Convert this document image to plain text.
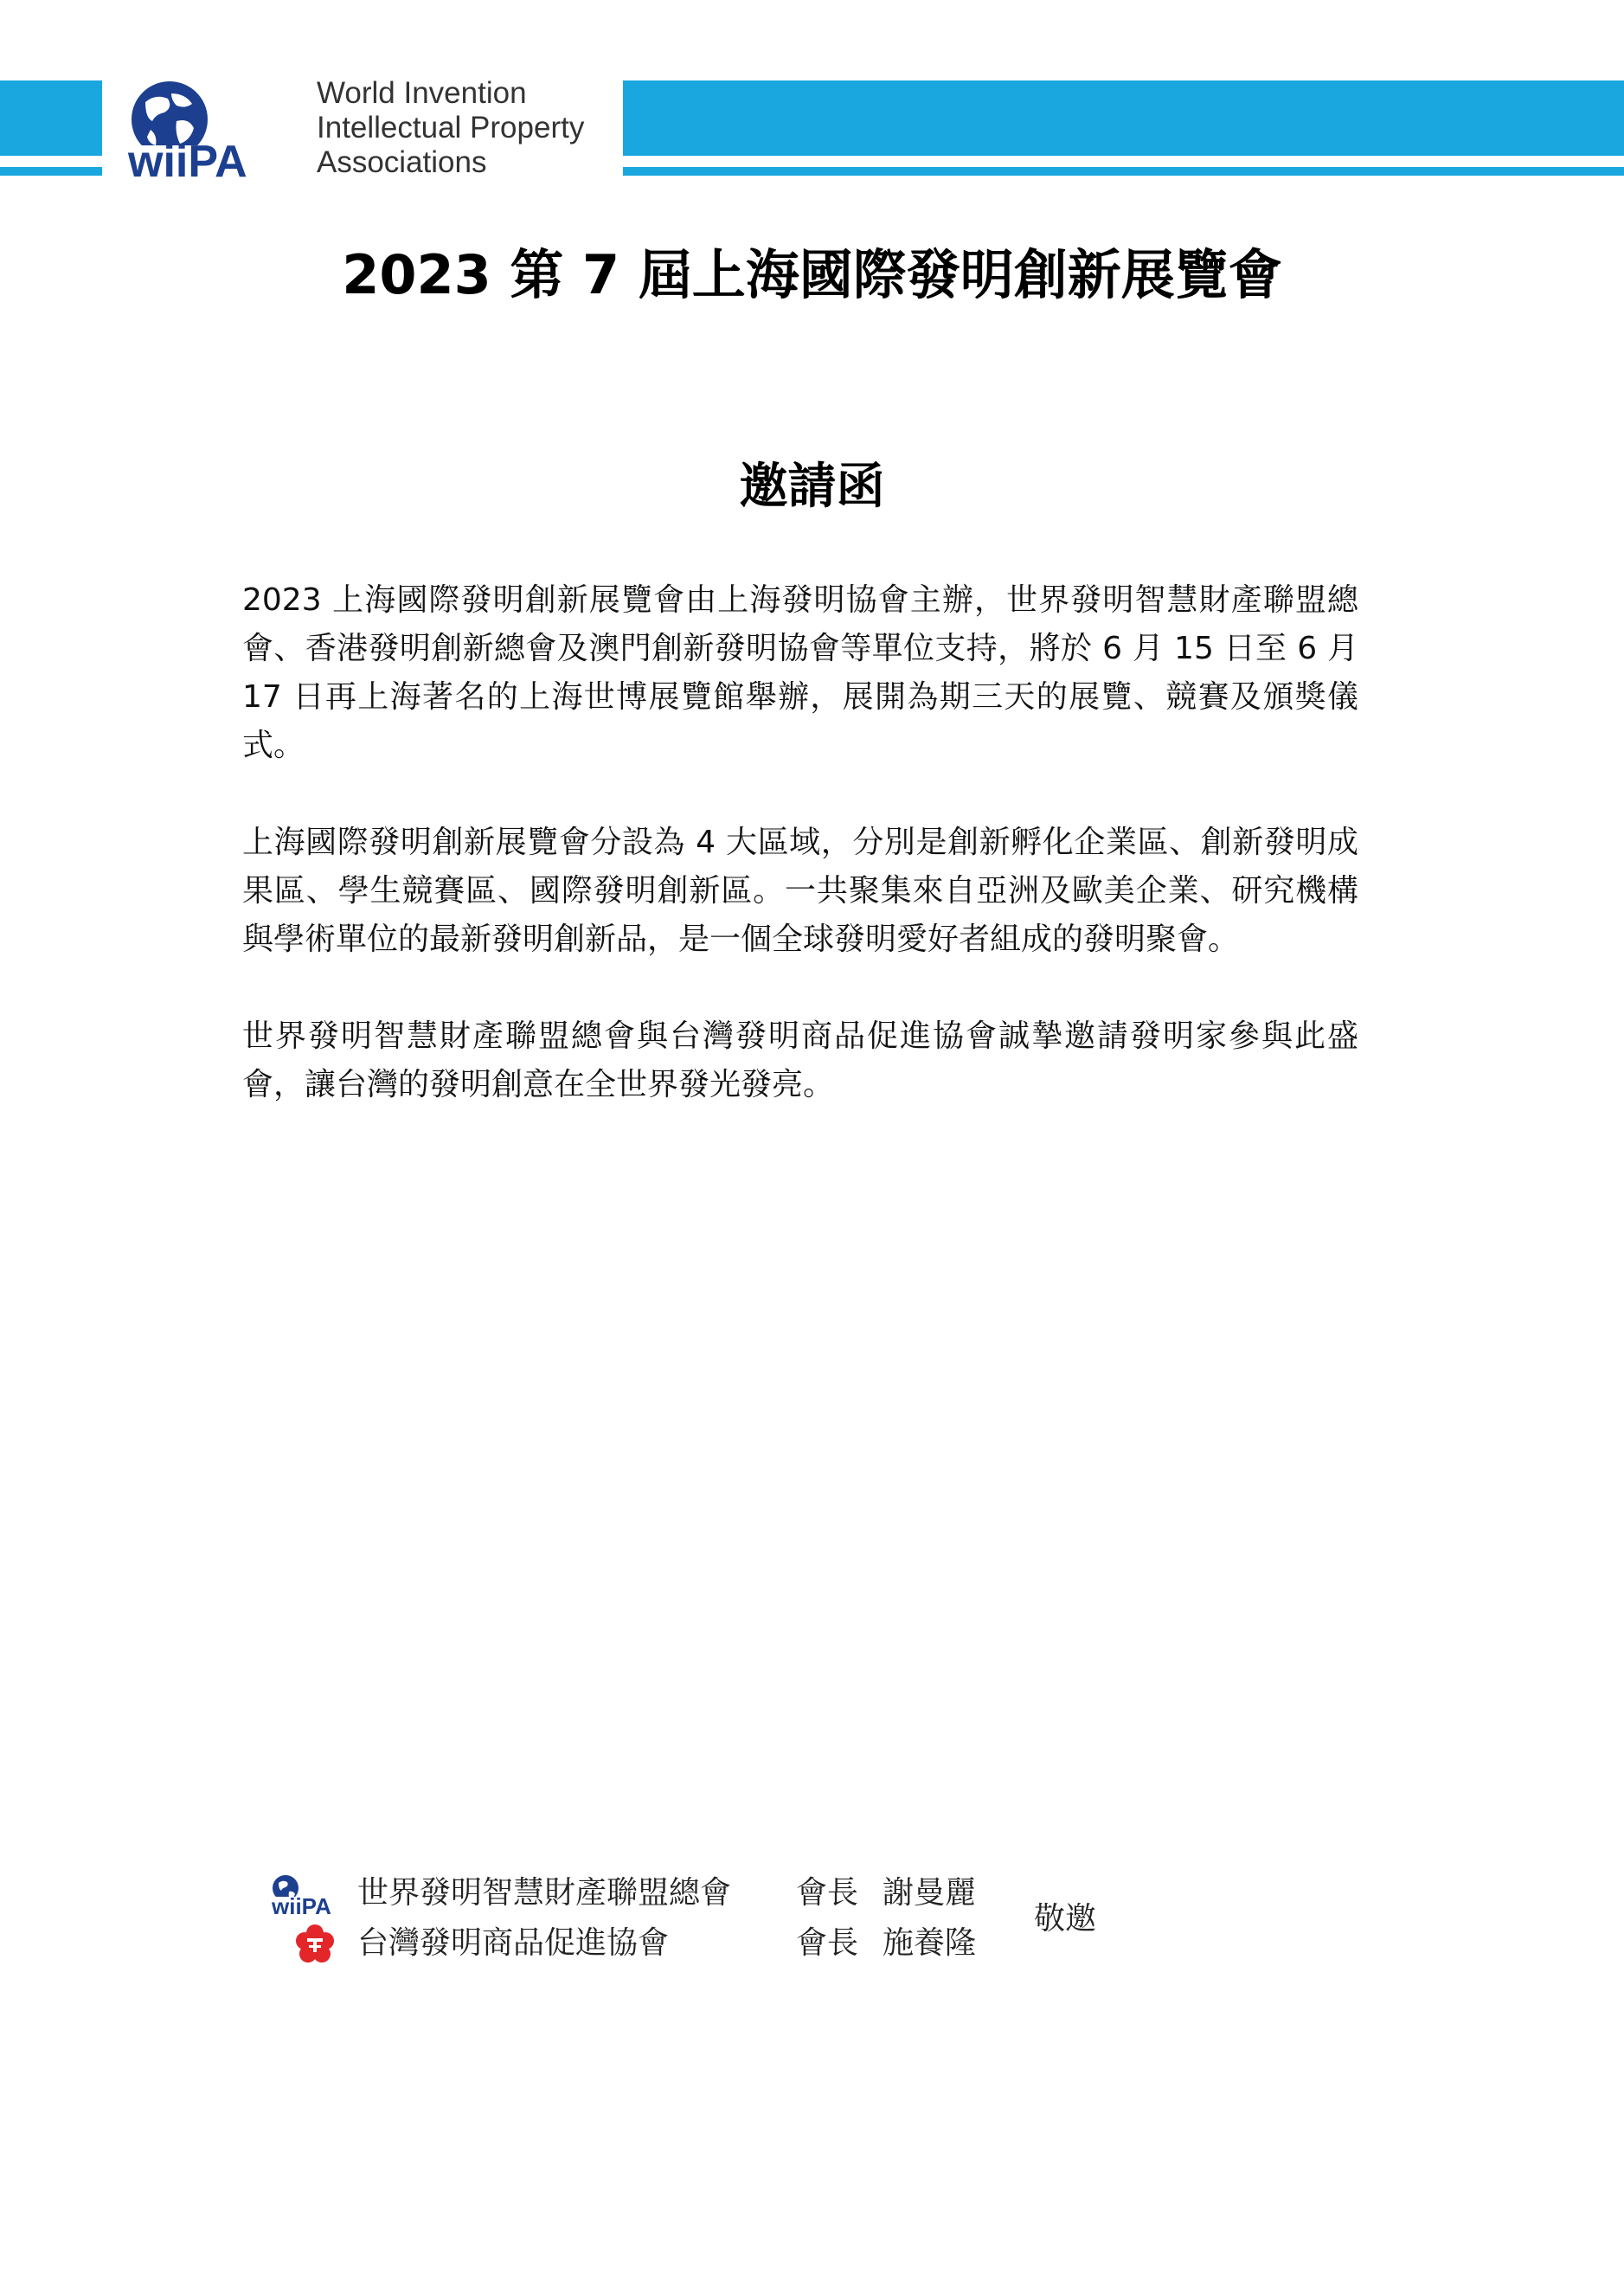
wiiPA
World Invention
Intellectual Property
Associations
2023 第 7 屆上海國際發明創新展覽會
邀請函

2023 上海國際發明創新展覽會由上海發明協會主辦，世界發明智慧財產聯盟總會、香港發明創新總會及澳門創新發明協會等單位支持，將於 6 月 15 日至 6 月 17 日再上海著名的上海世博展覽館舉辦，展開為期三天的展覽、競賽及頒獎儀式。

上海國際發明創新展覽會分設為 4 大區域，分別是創新孵化企業區、創新發明成果區、學生競賽區、國際發明創新區。一共聚集來自亞洲及歐美企業、研究機構與學術單位的最新發明創新品，是一個全球發明愛好者組成的發明聚會。

世界發明智慧財產聯盟總會與台灣發明商品促進協會誠摯邀請發明家參與此盛會，讓台灣的發明創意在全世界發光發亮。

wiiPA 世界發明智慧財產聯盟總會 會長 謝曼麗
台灣發明商品促進協會	會長 施養隆
敬邀
